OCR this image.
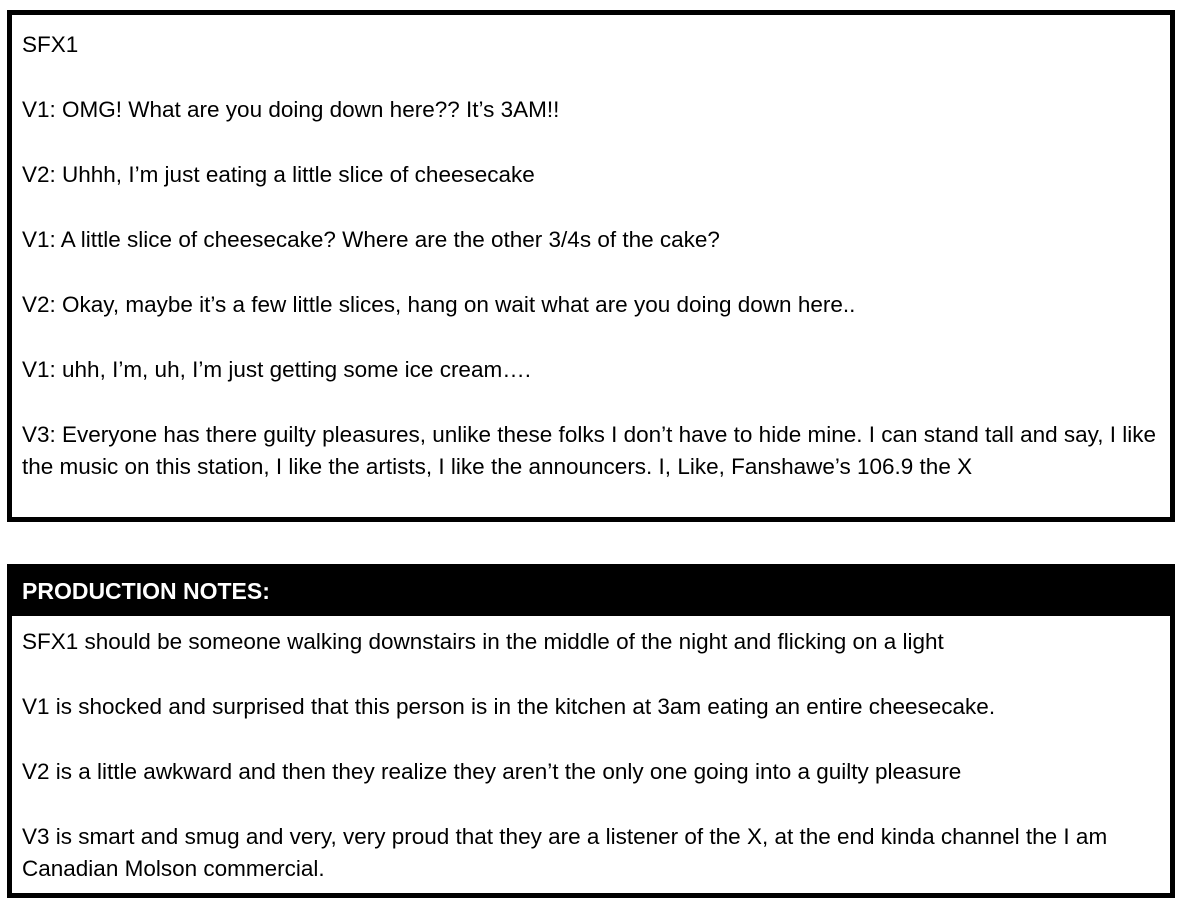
SFX1
V1: OMG! What are you doing down here?? It’s 3AM!!
V2: Uhhh, I’m just eating a little slice of cheesecake
V1: A little slice of cheesecake? Where are the other 3/4s of the cake?
V2: Okay, maybe it’s a few little slices, hang on wait what are you doing down here..
V1: uhh, I’m, uh, I’m just getting some ice cream….
V3: Everyone has there guilty pleasures, unlike these folks I don’t have to hide mine. I can stand tall and say, I like the music on this station, I like the artists, I like the announcers. I, Like, Fanshawe’s 106.9 the X
PRODUCTION NOTES:
SFX1 should be someone walking downstairs in the middle of the night and flicking on a light
V1 is shocked and surprised that this person is in the kitchen at 3am eating an entire cheesecake.
V2 is a little awkward and then they realize they aren’t the only one going into a guilty pleasure
V3 is smart and smug and very, very proud that they are a listener of the X, at the end kinda channel the I am Canadian Molson commercial.
